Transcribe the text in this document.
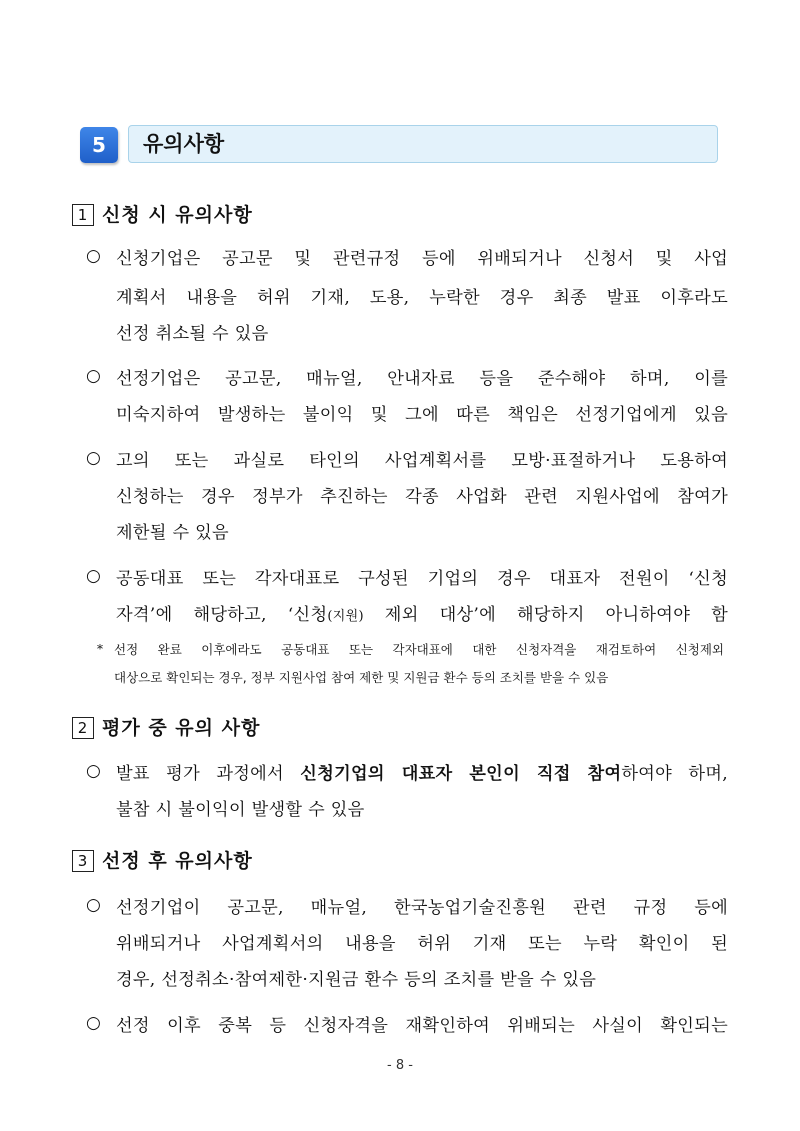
5	유의사항
1 신청 시 유의사항
○ 신청기업은 공고문 및 관련규정 등에 위배되거나 신청서 및 사업
계획서 내용을 허위 기재, 도용, 누락한 경우 최종 발표 이후라도
선정 취소될 수 있음
○ 선정기업은 공고문, 매뉴얼, 안내자료 등을 준수해야 하며, 이를
미숙지하여 발생하는 불이익 및 그에 따른 책임은 선정기업에게 있음
○ 고의 또는 과실로 타인의 사업계획서를 모방·표절하거나 도용하여
신청하는 경우 정부가 추진하는 각종 사업화 관련 지원사업에 참여가
제한될 수 있음
○ 공동대표 또는 각자대표로 구성된 기업의 경우 대표자 전원이 ‘신청
자격’에 해당하고, ‘신청(지원) 제외 대상’에 해당하지 아니하여야 함
* 선정 완료 이후에라도 공동대표 또는 각자대표에 대한 신청자격을 재검토하여 신청제외
대상으로 확인되는 경우, 정부 지원사업 참여 제한 및 지원금 환수 등의 조치를 받을 수 있음
2 평가 중 유의 사항
○ 발표 평가 과정에서 신청기업의 대표자 본인이 직접 참여하여야 하며,
불참 시 불이익이 발생할 수 있음
3 선정 후 유의사항
○ 선정기업이 공고문, 매뉴얼, 한국농업기술진흥원 관련 규정 등에
위배되거나 사업계획서의 내용을 허위 기재 또는 누락 확인이 된
경우, 선정취소·참여제한·지원금 환수 등의 조치를 받을 수 있음
○ 선정 이후 중복 등 신청자격을 재확인하여 위배되는 사실이 확인되는
- 8 -
